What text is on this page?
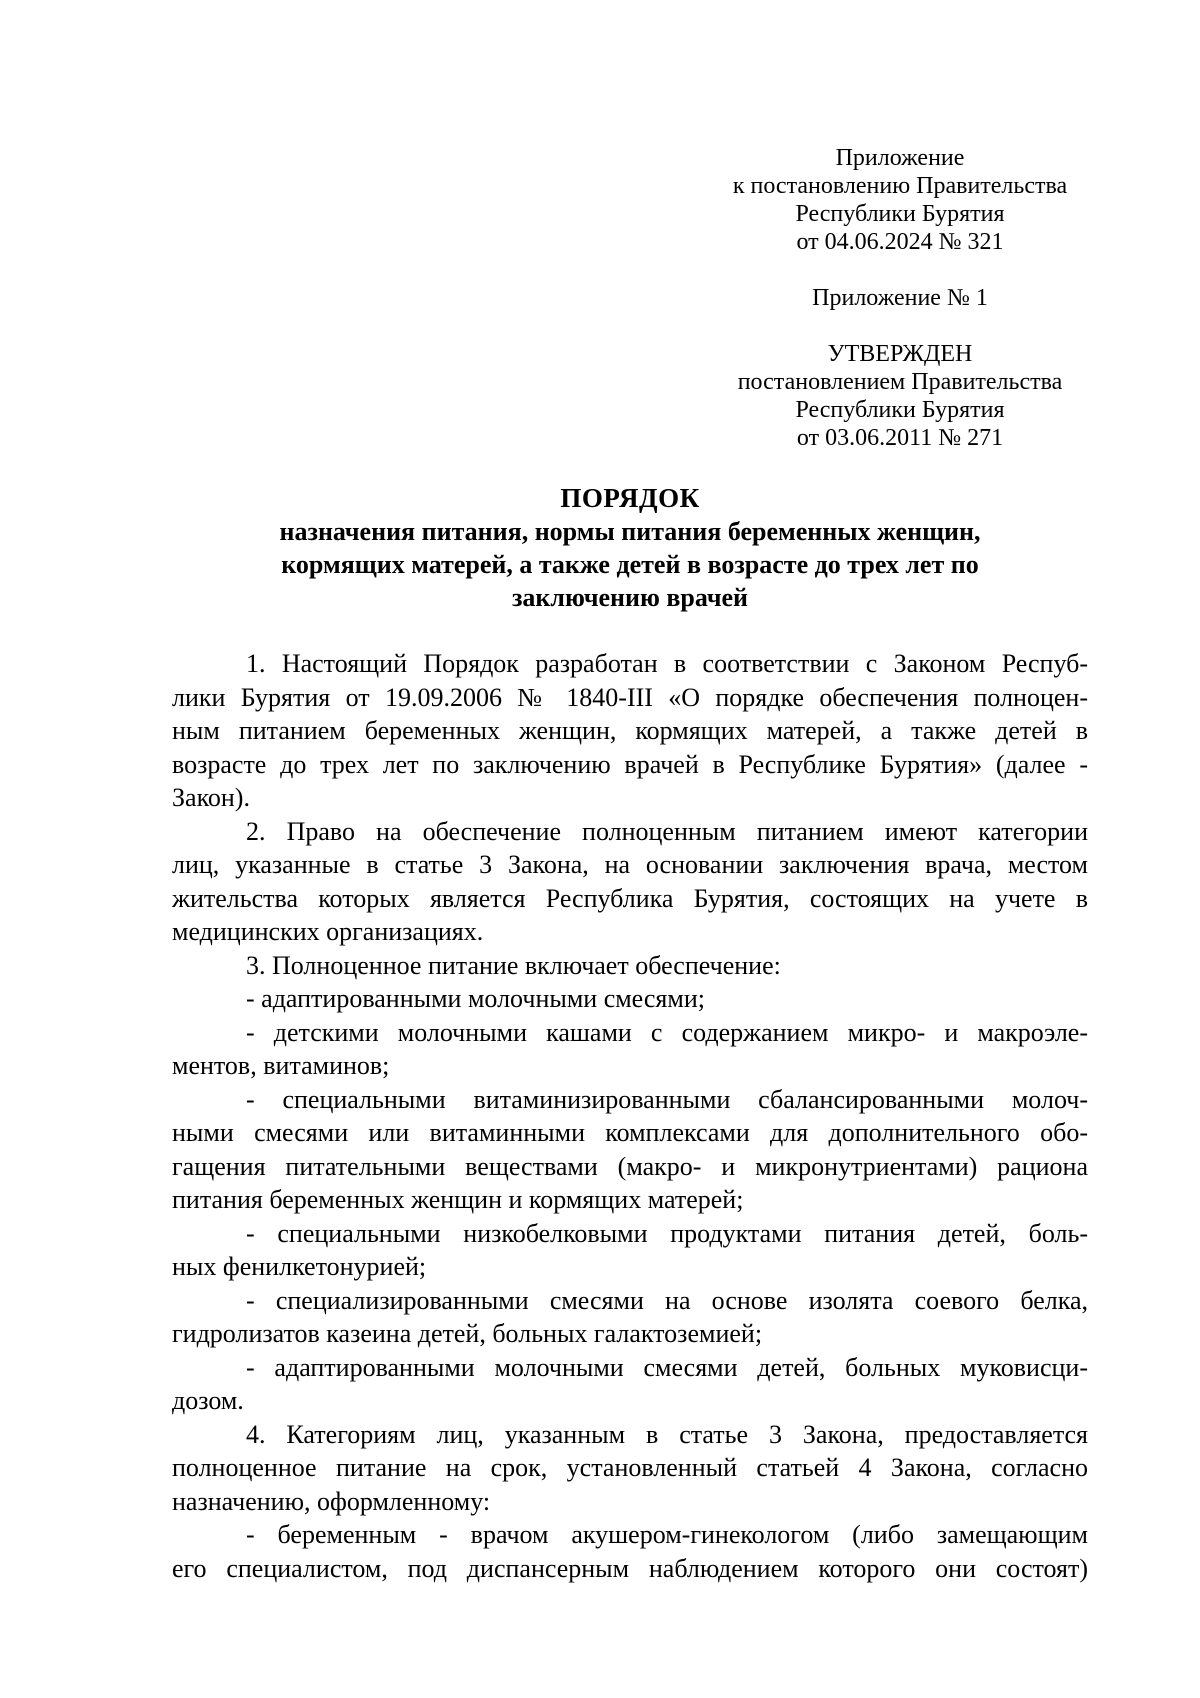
Приложение
к постановлению Правительства
Республики Бурятия
от 04.06.2024 № 321
Приложение № 1
УТВЕРЖДЕН
постановлением Правительства
Республики Бурятия
от 03.06.2011 № 271
ПОРЯДОК
назначения питания, нормы питания беременных женщин,
кормящих матерей, а также детей в возрасте до трех лет по
заключению врачей
1. Настоящий Порядок разработан в соответствии с Законом Респуб-
лики Бурятия от 19.09.2006 № 1840-III «О порядке обеспечения полноцен-
ным питанием беременных женщин, кормящих матерей, а также детей в
возрасте до трех лет по заключению врачей в Республике Бурятия» (далее -
Закон).
2. Право на обеспечение полноценным питанием имеют категории
лиц, указанные в статье 3 Закона, на основании заключения врача, местом
жительства которых является Республика Бурятия, состоящих на учете в
медицинских организациях.
3. Полноценное питание включает обеспечение:
- адаптированными молочными смесями;
- детскими молочными кашами с содержанием микро- и макроэле-
ментов, витаминов;
- специальными витаминизированными сбалансированными молоч-
ными смесями или витаминными комплексами для дополнительного обо-
гащения питательными веществами (макро- и микронутриентами) рациона
питания беременных женщин и кормящих матерей;
- специальными низкобелковыми продуктами питания детей, боль-
ных фенилкетонурией;
- специализированными смесями на основе изолята соевого белка,
гидролизатов казеина детей, больных галактоземией;
- адаптированными молочными смесями детей, больных муковисци-
дозом.
4. Категориям лиц, указанным в статье 3 Закона, предоставляется
полноценное питание на срок, установленный статьей 4 Закона, согласно
назначению, оформленному:
- беременным - врачом акушером-гинекологом (либо замещающим
его специалистом, под диспансерным наблюдением которого они состоят)
